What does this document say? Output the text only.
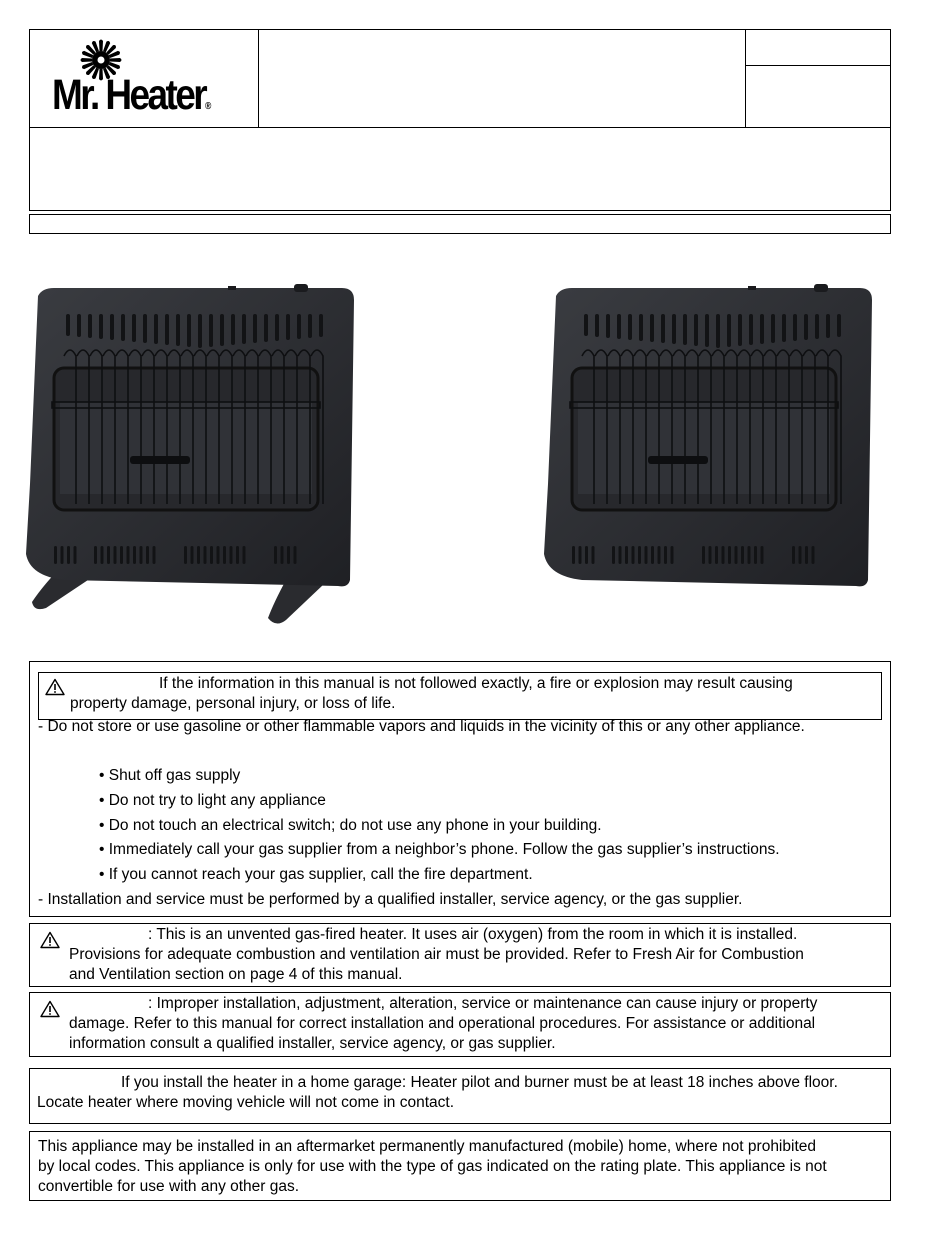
Mr. Heater®
If the information in this manual is not followed exactly, a fire or explosion may result causing
property damage, personal injury, or loss of life.
- Do not store or use gasoline or other flammable vapors and liquids in the vicinity of this or any other appliance.
• Shut off gas supply
• Do not try to light any appliance
• Do not touch an electrical switch; do not use any phone in your building.
• Immediately call your gas supplier from a neighbor’s phone. Follow the gas supplier’s instructions.
• If you cannot reach your gas supplier, call the fire department.
- Installation and service must be performed by a qualified installer, service agency, or the gas supplier.
: This is an unvented gas-fired heater. It uses air (oxygen) from the room in which it is installed.
Provisions for adequate combustion and ventilation air must be provided. Refer to Fresh Air for Combustion
and Ventilation section on page 4 of this manual.
: Improper installation, adjustment, alteration, service or maintenance can cause injury or property
damage. Refer to this manual for correct installation and operational procedures. For assistance or additional
information consult a qualified installer, service agency, or gas supplier.
If you install the heater in a home garage: Heater pilot and burner must be at least 18 inches above floor.
Locate heater where moving vehicle will not come in contact.
This appliance may be installed in an aftermarket permanently manufactured (mobile) home, where not prohibited
by local codes. This appliance is only for use with the type of gas indicated on the rating plate. This appliance is not
convertible for use with any other gas.
